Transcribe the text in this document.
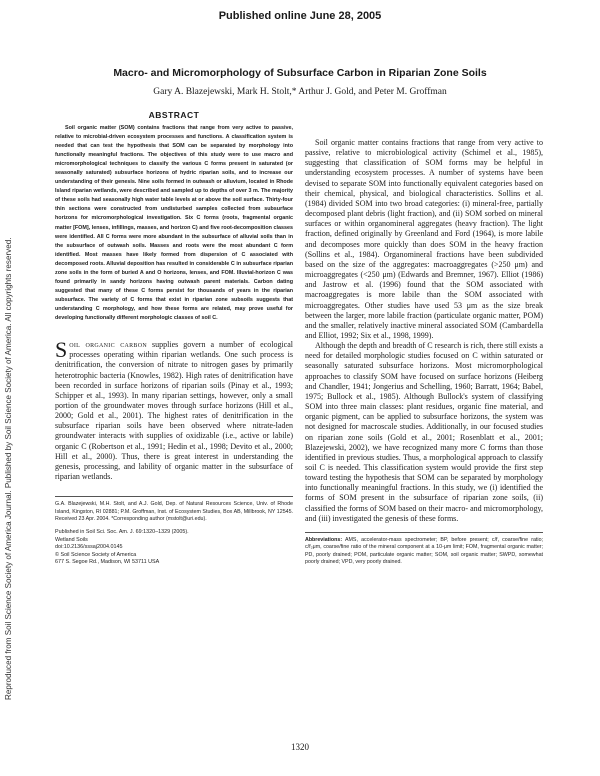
Reproduced from Soil Science Society of America Journal. Published by Soil Science Society of America. All copyrights reserved.
Published online June 28, 2005
Macro- and Micromorphology of Subsurface Carbon in Riparian Zone Soils
Gary A. Blazejewski, Mark H. Stolt,* Arthur J. Gold, and Peter M. Groffman
ABSTRACT

Soil organic matter (SOM) contains fractions that range from very active to passive, relative to microbial-driven ecosystem processes and functions. A classification system is needed that can test the hypothesis that SOM can be separated by morphology into functionally meaningful fractions. The objectives of this study were to use macro and micromorphological techniques to classify the various C forms present in saturated (or seasonally saturated) subsurface horizons of hydric riparian soils, and to increase our understanding of their genesis. Nine soils formed in outwash or alluvium, located in Rhode Island riparian wetlands, were described and sampled up to depths of over 3 m. The majority of these soils had seasonally high water table levels at or above the soil surface. Thirty-four thin sections were constructed from undisturbed samples collected from subsurface horizons for micromorphological investigation. Six C forms (roots, fragmental organic matter [FOM], lenses, infillings, masses, and horizon C) and five root-decomposition classes were identified. All C forms were more abundant in the subsurface of alluvial soils than in the subsurface of outwash soils. Masses and roots were the most abundant C form identified. Most masses have likely formed from dispersion of C associated with decomposed roots. Alluvial deposition has resulted in considerable C in subsurface riparian zone soils in the form of buried A and O horizons, lenses, and FOM. Illuvial-horizon C was found primarily in sandy horizons having outwash parent materials. Carbon dating suggested that many of these C forms persist for thousands of years in the riparian subsurface. The variety of C forms that exist in riparian zone subsoils suggests that understanding C morphology, and how these forms are related, may prove useful for developing functionally different morphologic classes of soil C.

Soil organic carbon supplies govern a number of ecological processes operating within riparian wetlands. One such process is denitrification, the conversion of nitrate to nitrogen gases by primarily heterotrophic bacteria (Knowles, 1982). High rates of denitrification have been recorded in surface horizons of riparian soils (Pinay et al., 1993; Schipper et al., 1993). In many riparian settings, however, only a small portion of the groundwater moves through surface horizons (Hill et al., 2000; Gold et al., 2001). The highest rates of denitrification in the subsurface riparian soils have been observed where nitrate-laden groundwater interacts with supplies of oxidizable (i.e., active or labile) organic C (Robertson et al., 1991; Hedin et al., 1998; Devito et al., 2000; Hill et al., 2000). Thus, there is great interest in understanding the genesis, processing, and lability of organic matter in the subsurface of riparian wetlands.

G.A. Blazejewski, M.H. Stolt, and A.J. Gold, Dep. of Natural Resources Science, Univ. of Rhode Island, Kingston, RI 02881; P.M. Groffman, Inst. of Ecosystem Studies, Box AB, Millbrook, NY 12545. Received 23 Apr. 2004. *Corresponding author (mstolt@uri.edu).

Published in Soil Sci. Soc. Am. J. 69:1320–1329 (2005).
Wetland Soils
doi:10.2136/sssaj2004.0145
© Soil Science Society of America
677 S. Segoe Rd., Madison, WI 53711 USA

Soil organic matter contains fractions that range from very active to passive, relative to microbiological activity (Schimel et al., 1985), suggesting that classification of SOM forms may be helpful in understanding ecosystem processes. A number of systems have been devised to separate SOM into functionally equivalent categories based on their chemical, physical, and biological characteristics. Sollins et al. (1984) divided SOM into two broad categories: (i) mineral-free, partially decomposed plant debris (light fraction), and (ii) SOM sorbed on mineral surfaces or within organomineral aggregates (heavy fraction). The light fraction, defined originally by Greenland and Ford (1964), is more labile and decomposes more quickly than does SOM in the heavy fraction (Sollins et al., 1984). Organomineral fractions have been subdivided based on the size of the aggregates: macroaggregates (>250 μm) and microaggregates (<250 μm) (Edwards and Bremner, 1967). Elliot (1986) and Jastrow et al. (1996) found that the SOM associated with macroaggregates is more labile than the SOM associated with microaggregates. Other studies have used 53 μm as the size break between the larger, more labile fraction (particulate organic matter, POM) and the smaller, relatively inactive mineral associated SOM (Cambardella and Elliot, 1992; Six et al., 1998, 1999).

Although the depth and breadth of C research is rich, there still exists a need for detailed morphologic studies focused on C within saturated or seasonally saturated subsurface horizons. Most micromorphological approaches to classify SOM have focused on surface horizons (Heiberg and Chandler, 1941; Jongerius and Schelling, 1960; Barratt, 1964; Babel, 1975; Bullock et al., 1985). Although Bullock's system of classifying SOM into three main classes: plant residues, organic fine material, and organic pigment, can be applied to subsurface horizons, the system was not designed for macroscale studies. Additionally, in our focused studies on riparian zone soils (Gold et al., 2001; Rosenblatt et al., 2001; Blazejewski, 2002), we have recognized many more C forms than those identified in previous studies. Thus, a morphological approach to classify soil C is needed. This classification system would provide the first step toward testing the hypothesis that SOM can be separated by morphology into functionally meaningful fractions. In this study, we (i) identified the forms of SOM present in the subsurface of riparian zone soils, (ii) classified the forms of SOM based on their macro- and micromorphology, and (iii) investigated the genesis of these forms.

Abbreviations: AMS, accelerator-mass spectrometer; BP, before present; c/f, coarse/fine ratio; c/f₂μm, coarse/fine ratio of the mineral component at a 10-μm limit; FOM, fragmental organic matter; PD, poorly drained; POM, particulate organic matter; SOM, soil organic matter; SWPD, somewhat poorly drained; VPD, very poorly drained.

1320
